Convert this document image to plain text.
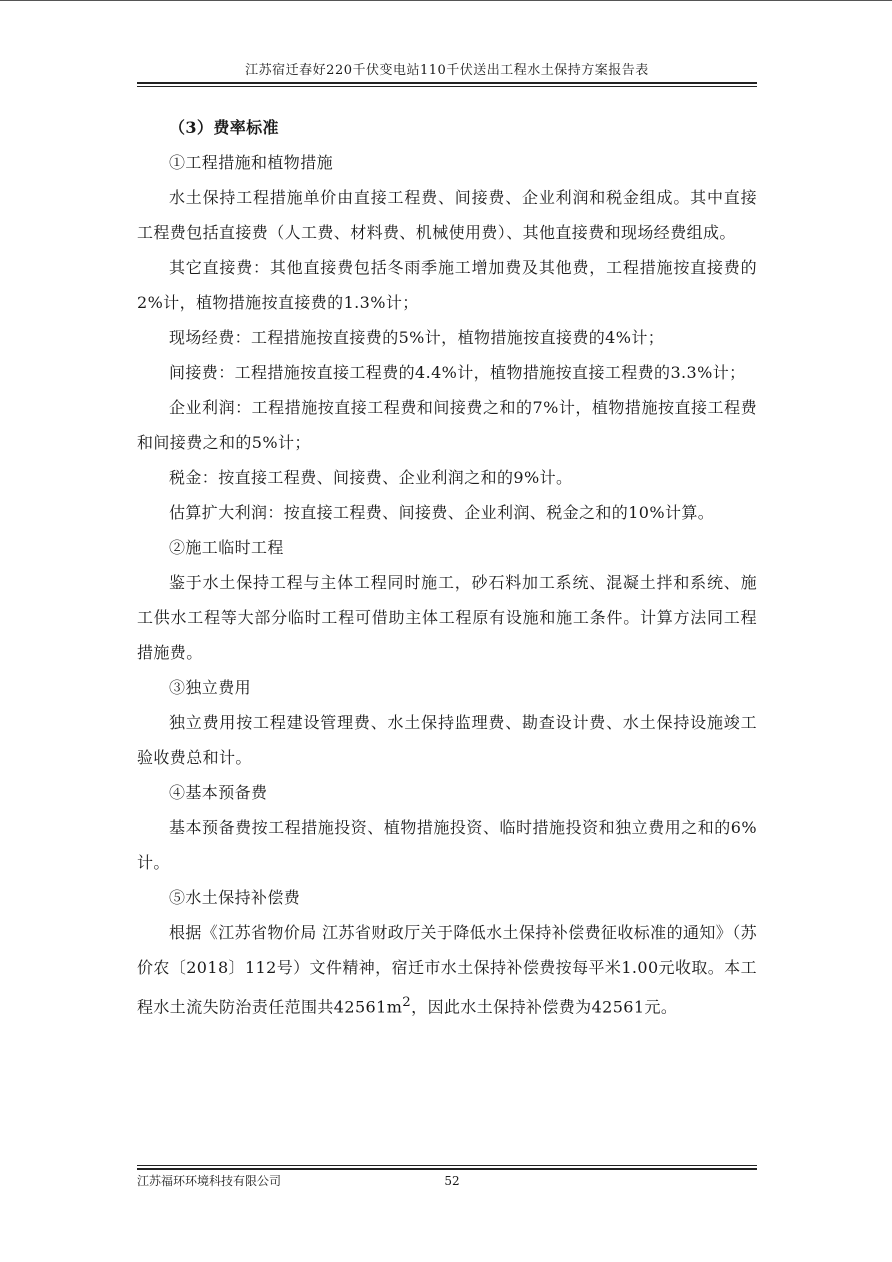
江苏宿迁春好220千伏变电站110千伏送出工程水土保持方案报告表

（3）费率标准

①工程措施和植物措施

水土保持工程措施单价由直接工程费、间接费、企业利润和税金组成。其中直接工程费包括直接费（人工费、材料费、机械使用费）、其他直接费和现场经费组成。

其它直接费：其他直接费包括冬雨季施工增加费及其他费，工程措施按直接费的2%计，植物措施按直接费的1.3%计；

现场经费：工程措施按直接费的5%计，植物措施按直接费的4%计；

间接费：工程措施按直接工程费的4.4%计，植物措施按直接工程费的3.3%计；

企业利润：工程措施按直接工程费和间接费之和的7%计，植物措施按直接工程费和间接费之和的5%计；

税金：按直接工程费、间接费、企业利润之和的9%计。

估算扩大利润：按直接工程费、间接费、企业利润、税金之和的10%计算。

②施工临时工程

鉴于水土保持工程与主体工程同时施工，砂石料加工系统、混凝土拌和系统、施工供水工程等大部分临时工程可借助主体工程原有设施和施工条件。计算方法同工程措施费。

③独立费用

独立费用按工程建设管理费、水土保持监理费、勘查设计费、水土保持设施竣工验收费总和计。

④基本预备费

基本预备费按工程措施投资、植物措施投资、临时措施投资和独立费用之和的6%计。

⑤水土保持补偿费

根据《江苏省物价局 江苏省财政厅关于降低水土保持补偿费征收标准的通知》（苏价农〔2018〕112号）文件精神，宿迁市水土保持补偿费按每平米1.00元收取。本工程水土流失防治责任范围共$42561m^2$，因此水土保持补偿费为42561元。

江苏福环环境科技有限公司	52
